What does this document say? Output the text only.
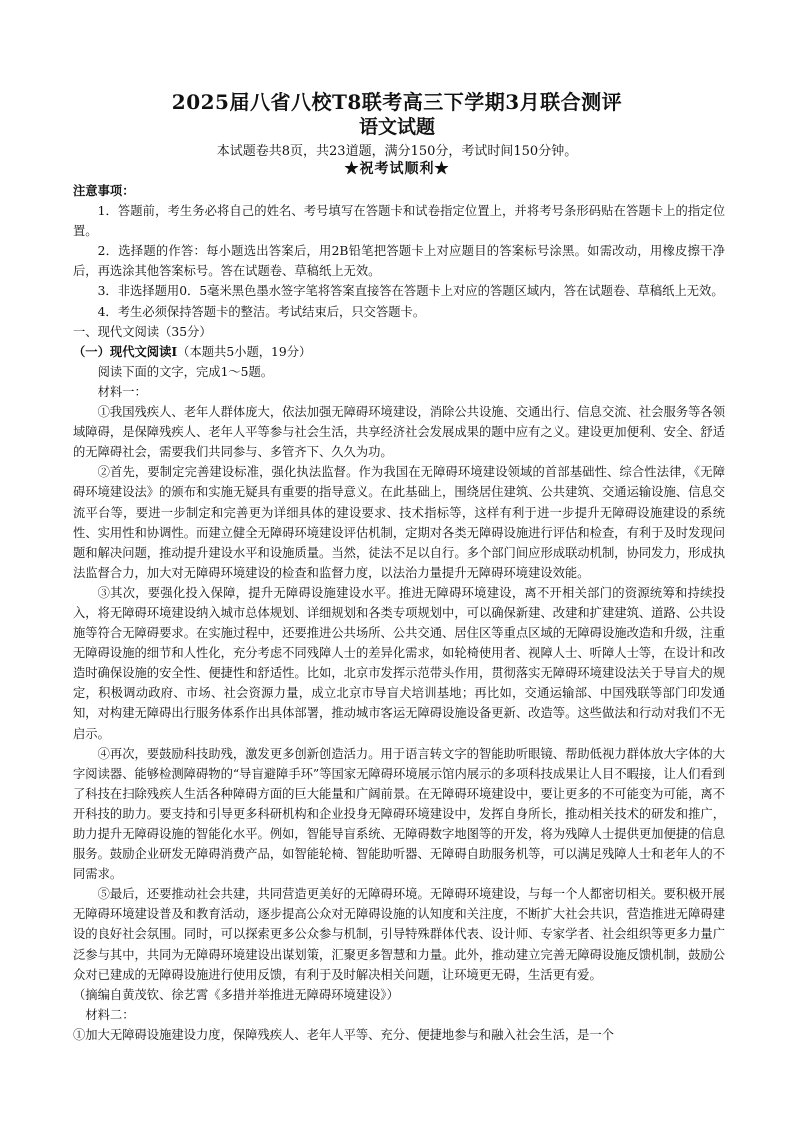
2025届八省八校T8联考高三下学期3月联合测评
语文试题
本试题卷共8页，共23道题，满分150分，考试时间150分钟。
★祝考试顺利★

注意事项：

1．答题前，考生务必将自己的姓名、考号填写在答题卡和试卷指定位置上，并将考号条形码贴在答题卡上的指定位置。

2．选择题的作答：每小题选出答案后，用2B铅笔把答题卡上对应题目的答案标号涂黑。如需改动，用橡皮擦干净后，再选涂其他答案标号。答在试题卷、草稿纸上无效。

3．非选择题用0．5毫米黑色墨水签字笔将答案直接答在答题卡上对应的答题区域内，答在试题卷、草稿纸上无效。

4．考生必须保持答题卡的整洁。考试结束后，只交答题卡。

一、现代文阅读（35分）

（一）现代文阅读Ⅰ（本题共5小题，19分）

阅读下面的文字，完成1～5题。

材料一：

①我国残疾人、老年人群体庞大，依法加强无障碍环境建设，消除公共设施、交通出行、信息交流、社会服务等各领域障碍，是保障残疾人、老年人平等参与社会生活，共享经济社会发展成果的题中应有之义。建设更加便利、安全、舒适的无障碍社会，需要我们共同参与、多管齐下、久久为功。

②首先，要制定完善建设标准，强化执法监督。作为我国在无障碍环境建设领域的首部基础性、综合性法律，《无障碍环境建设法》的颁布和实施无疑具有重要的指导意义。在此基础上，围绕居住建筑、公共建筑、交通运输设施、信息交流平台等，要进一步制定和完善更为详细具体的建设要求、技术指标等，这样有利于进一步提升无障碍设施建设的系统性、实用性和协调性。而建立健全无障碍环境建设评估机制，定期对各类无障碍设施进行评估和检查，有利于及时发现问题和解决问题，推动提升建设水平和设施质量。当然，徒法不足以自行。多个部门间应形成联动机制，协同发力，形成执法监督合力，加大对无障碍环境建设的检查和监督力度，以法治力量提升无障碍环境建设效能。

③其次，要强化投入保障，提升无障碍设施建设水平。推进无障碍环境建设，离不开相关部门的资源统筹和持续投入，将无障碍环境建设纳入城市总体规划、详细规划和各类专项规划中，可以确保新建、改建和扩建建筑、道路、公共设施等符合无障碍要求。在实施过程中，还要推进公共场所、公共交通、居住区等重点区域的无障碍设施改造和升级，注重无障碍设施的细节和人性化，充分考虑不同残障人士的差异化需求，如轮椅使用者、视障人士、听障人士等，在设计和改造时确保设施的安全性、便捷性和舒适性。比如，北京市发挥示范带头作用，贯彻落实无障碍环境建设法关于导盲犬的规定，积极调动政府、市场、社会资源力量，成立北京市导盲犬培训基地；再比如，交通运输部、中国残联等部门印发通知，对构建无障碍出行服务体系作出具体部署，推动城市客运无障碍设施设备更新、改造等。这些做法和行动对我们不无启示。

④再次，要鼓励科技助残，激发更多创新创造活力。用于语言转文字的智能助听眼镜、帮助低视力群体放大字体的大字阅读器、能够检测障碍物的“导盲避障手环”等国家无障碍环境展示馆内展示的多项科技成果让人目不暇接，让人们看到了科技在扫除残疾人生活各种障碍方面的巨大能量和广阔前景。在无障碍环境建设中，要让更多的不可能变为可能，离不开科技的助力。要支持和引导更多科研机构和企业投身无障碍环境建设中，发挥自身所长，推动相关技术的研发和推广，助力提升无障碍设施的智能化水平。例如，智能导盲系统、无障碍数字地图等的开发，将为残障人士提供更加便捷的信息服务。鼓励企业研发无障碍消费产品，如智能轮椅、智能助听器、无障碍自助服务机等，可以满足残障人士和老年人的不同需求。

⑤最后，还要推动社会共建，共同营造更美好的无障碍环境。无障碍环境建设，与每一个人都密切相关。要积极开展无障碍环境建设普及和教育活动，逐步提高公众对无障碍设施的认知度和关注度，不断扩大社会共识，营造推进无障碍建设的良好社会氛围。同时，可以探索更多公众参与机制，引导特殊群体代表、设计师、专家学者、社会组织等更多力量广泛参与其中，共同为无障碍环境建设出谋划策，汇聚更多智慧和力量。此外，推动建立完善无障碍设施反馈机制，鼓励公众对已建成的无障碍设施进行使用反馈，有利于及时解决相关问题，让环境更无碍，生活更有爱。

（摘编自黄茂钦、徐艺霄《多措并举推进无障碍环境建设》）

材料二：

①加大无障碍设施建设力度，保障残疾人、老年人平等、充分、便捷地参与和融入社会生活，是一个
